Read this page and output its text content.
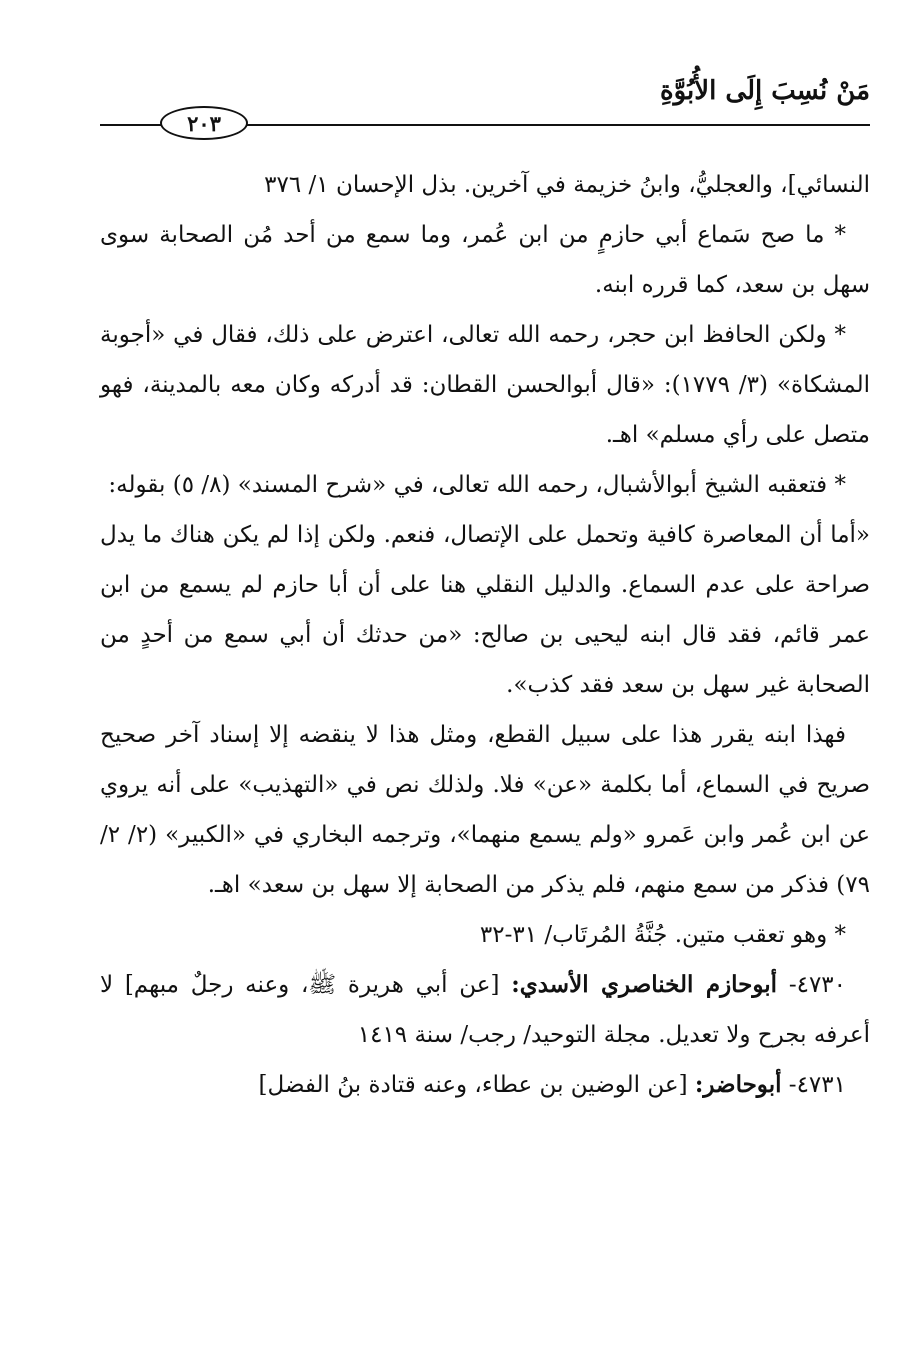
مَنْ نُسِبَ إِلَى الأُبُوَّةِ
٢٠٣

النسائي]، والعجليُّ، وابنُ خزيمة في آخرين. بذل الإحسان ١/ ٣٧٦

* ما صح سَماع أبي حازمٍ من ابن عُمر، وما سمع من أحد مُن الصحابة سوى سهل بن سعد، كما قرره ابنه.

* ولكن الحافظ ابن حجر، رحمه الله تعالى، اعترض على ذلك، فقال في «أجوبة المشكاة» (٣/ ١٧٧٩): «قال أبوالحسن القطان: قد أدركه وكان معه بالمدينة، فهو متصل على رأي مسلم» اهـ.

* فتعقبه الشيخ أبوالأشبال، رحمه الله تعالى، في «شرح المسند» (٨/ ٥) بقوله:

«أما أن المعاصرة كافية وتحمل على الإتصال، فنعم. ولكن إذا لم يكن هناك ما يدل صراحة على عدم السماع. والدليل النقلي هنا على أن أبا حازم لم يسمع من ابن عمر قائم، فقد قال ابنه ليحيى بن صالح: «من حدثك أن أبي سمع من أحدٍ من الصحابة غير سهل بن سعد فقد كذب».

فهذا ابنه يقرر هذا على سبيل القطع، ومثل هذا لا ينقضه إلا إسناد آخر صحيح صريح في السماع، أما بكلمة «عن» فلا. ولذلك نص في «التهذيب» على أنه يروي عن ابن عُمر وابن عَمرو «ولم يسمع منهما»، وترجمه البخاري في «الكبير» (٢/ ٢/ ٧٩) فذكر من سمع منهم، فلم يذكر من الصحابة إلا سهل بن سعد» اهـ.

* وهو تعقب متين. جُنَّةُ المُرتَاب/ ٣١-٣٢

٤٧٣٠- أبوحازم الخناصري الأسدي: [عن أبي هريرة ﷺ، وعنه رجلٌ مبهم] لا أعرفه بجرح ولا تعديل. مجلة التوحيد/ رجب/ سنة ١٤١٩

٤٧٣١- أبوحاضر: [عن الوضين بن عطاء، وعنه قتادة بنُ الفضل]
